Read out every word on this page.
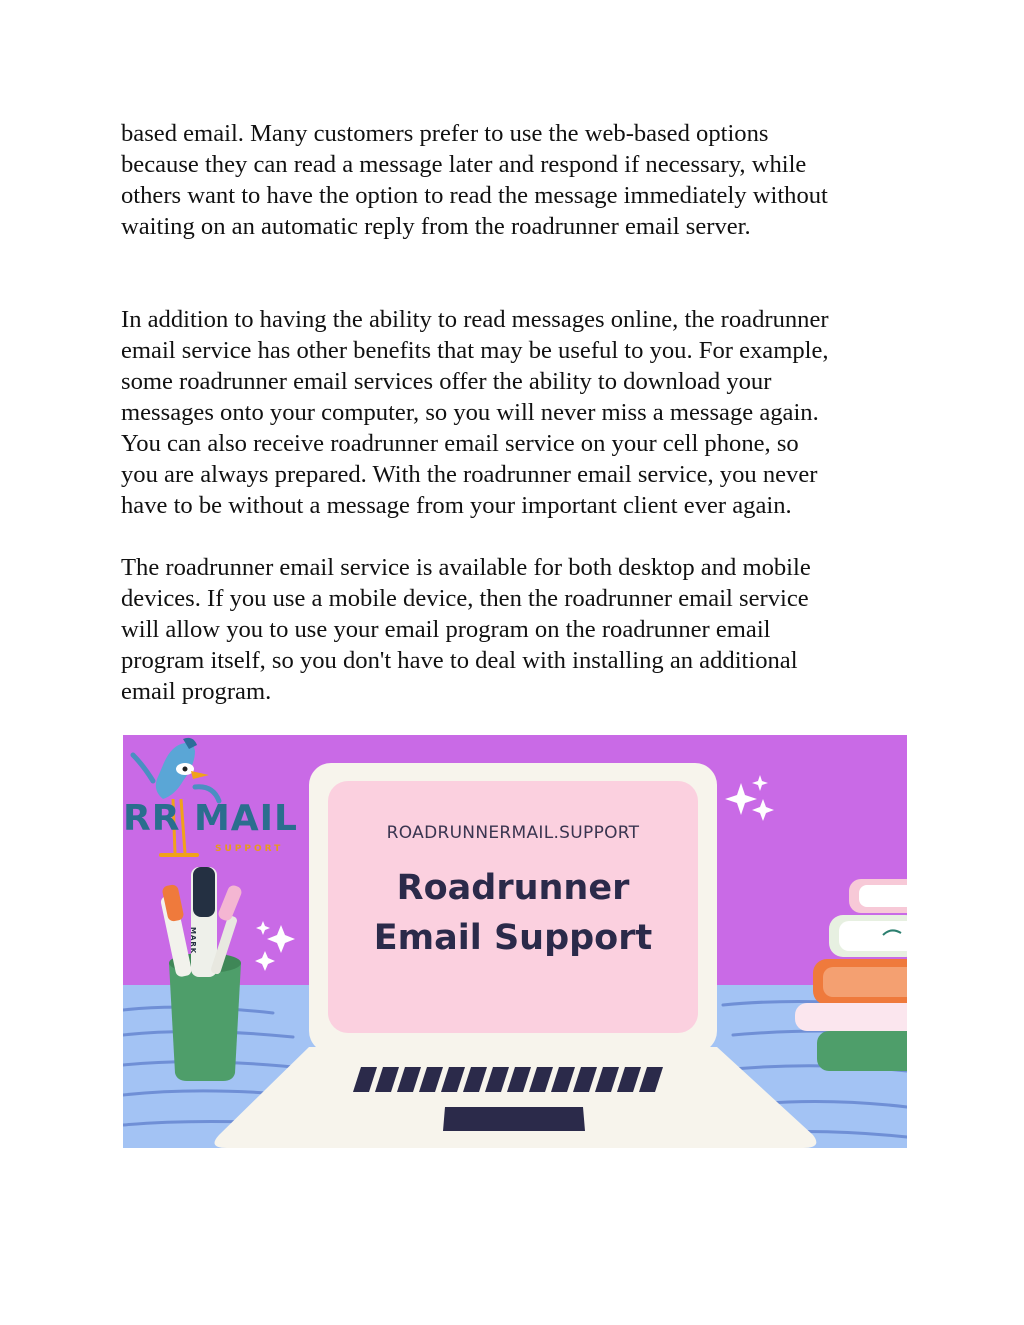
based email. Many customers prefer to use the web-based options
because they can read a message later and respond if necessary, while
others want to have the option to read the message immediately without
waiting on an automatic reply from the roadrunner email server.

In addition to having the ability to read messages online, the roadrunner
email service has other benefits that may be useful to you. For example,
some roadrunner email services offer the ability to download your
messages onto your computer, so you will never miss a message again.
You can also receive roadrunner email service on your cell phone, so
you are always prepared. With the roadrunner email service, you never
have to be without a message from your important client ever again.

The roadrunner email service is available for both desktop and mobile
devices. If you use a mobile device, then the roadrunner email service
will allow you to use your email program on the roadrunner email
program itself, so you don't have to deal with installing an additional
email program.

RR MAIL
SUPPORT
MARK
ROADRUNNERMAIL.SUPPORT
Roadrunner
Email Support
